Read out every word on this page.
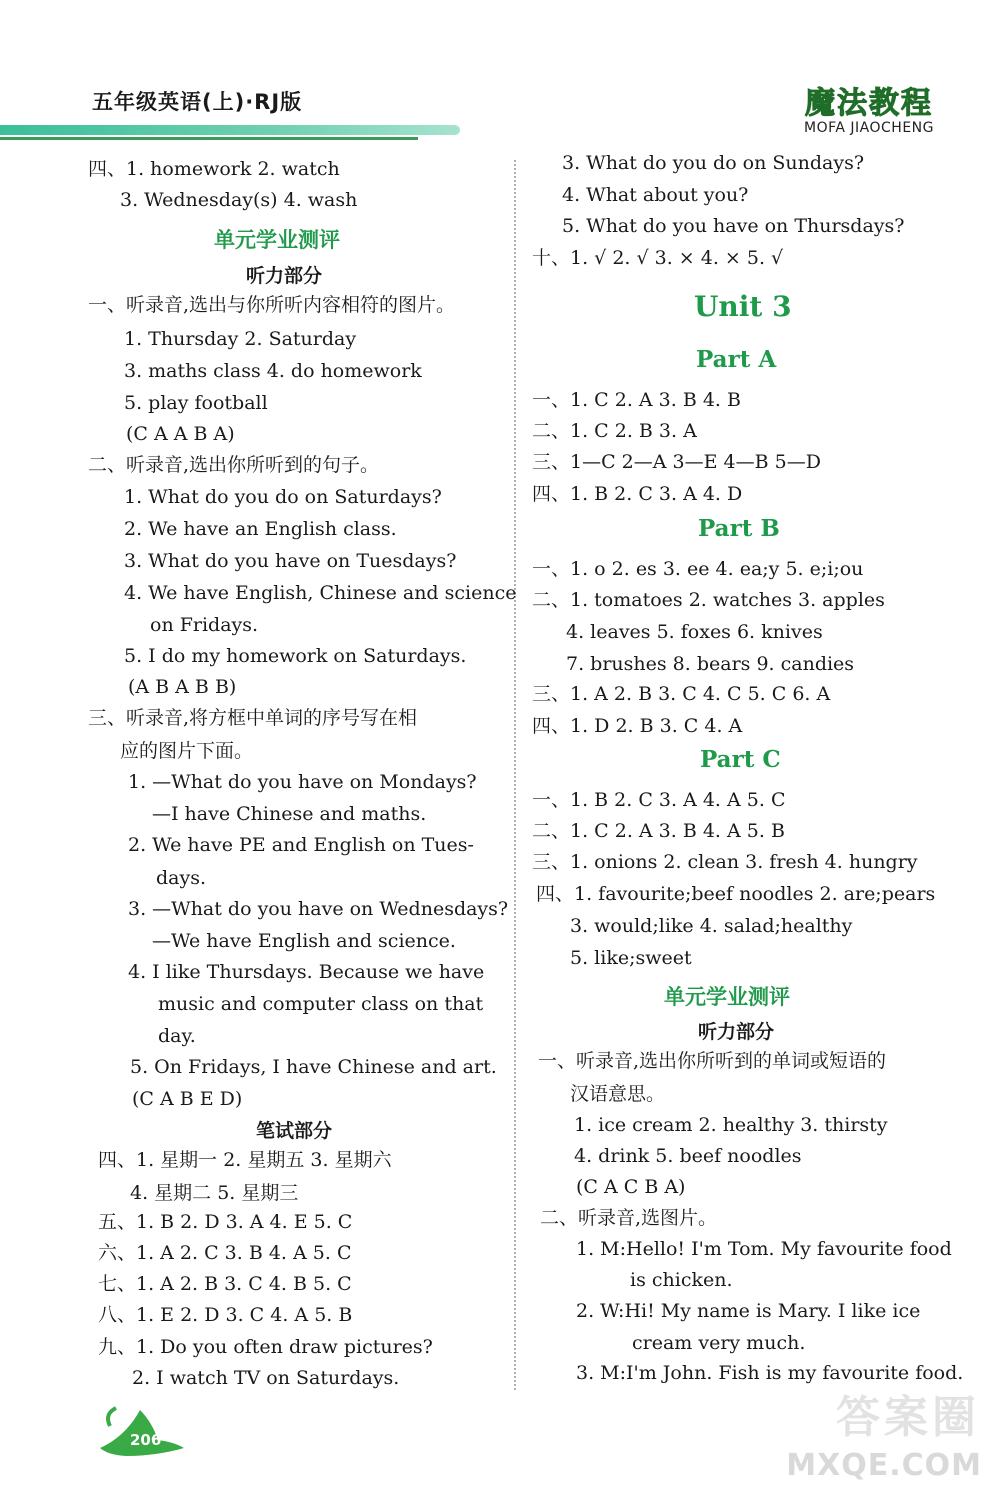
五年级英语(上)·RJ版	魔法教程
MOFA JIAOCHENG
四、1. homework 2. watch
3. Wednesday(s) 4. wash
单元学业测评
听力部分
一、听录音,选出与你所听内容相符的图片。
1. Thursday 2. Saturday
3. maths class 4. do homework
5. play football
(C A A B A)
二、听录音,选出你所听到的句子。
1. What do you do on Saturdays?
2. We have an English class.
3. What do you have on Tuesdays?
4. We have English, Chinese and science
on Fridays.
5. I do my homework on Saturdays.
(A B A B B)
三、听录音,将方框中单词的序号写在相
应的图片下面。
1. —What do you have on Mondays?
—I have Chinese and maths.
2. We have PE and English on Tues-
days.
3. —What do you have on Wednesdays?
—We have English and science.
4. I like Thursdays. Because we have
music and computer class on that
day.
5. On Fridays, I have Chinese and art.
(C A B E D)
笔试部分
四、1. 星期一 2. 星期五 3. 星期六
4. 星期二 5. 星期三
五、1. B 2. D 3. A 4. E 5. C
六、1. A 2. C 3. B 4. A 5. C
七、1. A 2. B 3. C 4. B 5. C
八、1. E 2. D 3. C 4. A 5. B
九、1. Do you often draw pictures?
2. I watch TV on Saturdays.
3. What do you do on Sundays?
4. What about you?
5. What do you have on Thursdays?
十、1. √ 2. √ 3. × 4. × 5. √
Unit 3
Part A
一、1. C 2. A 3. B 4. B
二、1. C 2. B 3. A
三、1—C 2—A 3—E 4—B 5—D
四、1. B 2. C 3. A 4. D
Part B
一、1. o 2. es 3. ee 4. ea;y 5. e;i;ou
二、1. tomatoes 2. watches 3. apples
4. leaves 5. foxes 6. knives
7. brushes 8. bears 9. candies
三、1. A 2. B 3. C 4. C 5. C 6. A
四、1. D 2. B 3. C 4. A
Part C
一、1. B 2. C 3. A 4. A 5. C
二、1. C 2. A 3. B 4. A 5. B
三、1. onions 2. clean 3. fresh 4. hungry
四、1. favourite;beef noodles 2. are;pears
3. would;like 4. salad;healthy
5. like;sweet
单元学业测评
听力部分
一、听录音,选出你所听到的单词或短语的
汉语意思。
1. ice cream 2. healthy 3. thirsty
4. drink 5. beef noodles
(C A C B A)
二、听录音,选图片。
1. M:Hello! I'm Tom. My favourite food
is chicken.
2. W:Hi! My name is Mary. I like ice
cream very much.
3. M:I'm John. Fish is my favourite food.
206	答案圈
MXQE.COM
